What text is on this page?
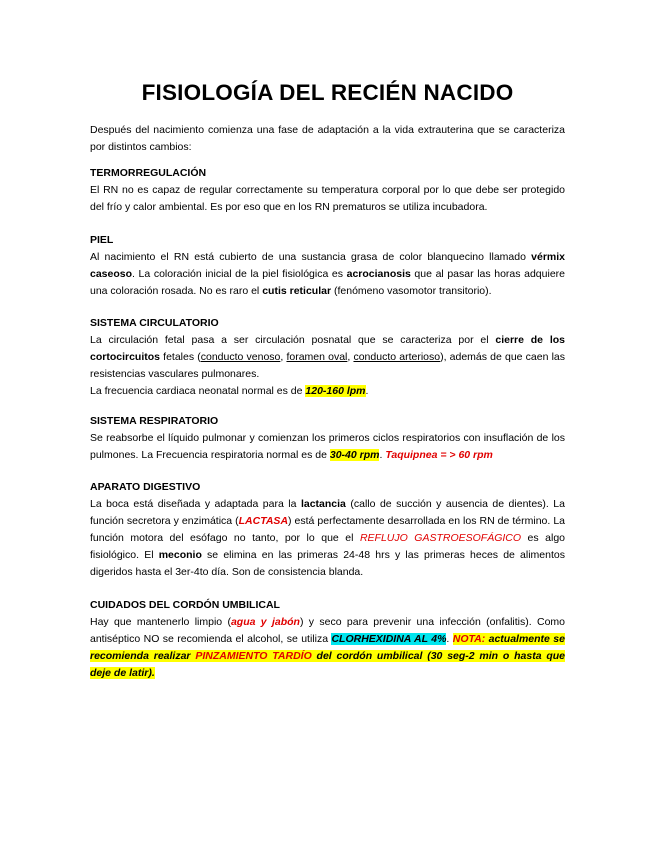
FISIOLOGÍA DEL RECIÉN NACIDO
Después del nacimiento comienza una fase de adaptación a la vida extrauterina que se caracteriza por distintos cambios:
TERMORREGULACIÓN
El RN no es capaz de regular correctamente su temperatura corporal por lo que debe ser protegido del frío y calor ambiental. Es por eso que en los RN prematuros se utiliza incubadora.
PIEL
Al nacimiento el RN está cubierto de una sustancia grasa de color blanquecino llamado vérmix caseoso. La coloración inicial de la piel fisiológica es acrocianosis que al pasar las horas adquiere una coloración rosada. No es raro el cutis reticular (fenómeno vasomotor transitorio).
SISTEMA CIRCULATORIO
La circulación fetal pasa a ser circulación posnatal que se caracteriza por el cierre de los cortocircuitos fetales (conducto venoso, foramen oval, conducto arterioso), además de que caen las resistencias vasculares pulmonares.
La frecuencia cardiaca neonatal normal es de 120-160 lpm.
SISTEMA RESPIRATORIO
Se reabsorbe el líquido pulmonar y comienzan los primeros ciclos respiratorios con insuflación de los pulmones. La Frecuencia respiratoria normal es de 30-40 rpm. Taquipnea = > 60 rpm
APARATO DIGESTIVO
La boca está diseñada y adaptada para la lactancia (callo de succión y ausencia de dientes). La función secretora y enzimática (LACTASA) está perfectamente desarrollada en los RN de término. La función motora del esófago no tanto, por lo que el REFLUJO GASTROESOFÁGICO es algo fisiológico. El meconio se elimina en las primeras 24-48 hrs y las primeras heces de alimentos digeridos hasta el 3er-4to día. Son de consistencia blanda.
CUIDADOS DEL CORDÓN UMBILICAL
Hay que mantenerlo limpio (agua y jabón) y seco para prevenir una infección (onfalitis). Como antiséptico NO se recomienda el alcohol, se utiliza CLORHEXIDINA AL 4%. NOTA: actualmente se recomienda realizar PINZAMIENTO TARDÍO del cordón umbilical (30 seg-2 min o hasta que deje de latir).
